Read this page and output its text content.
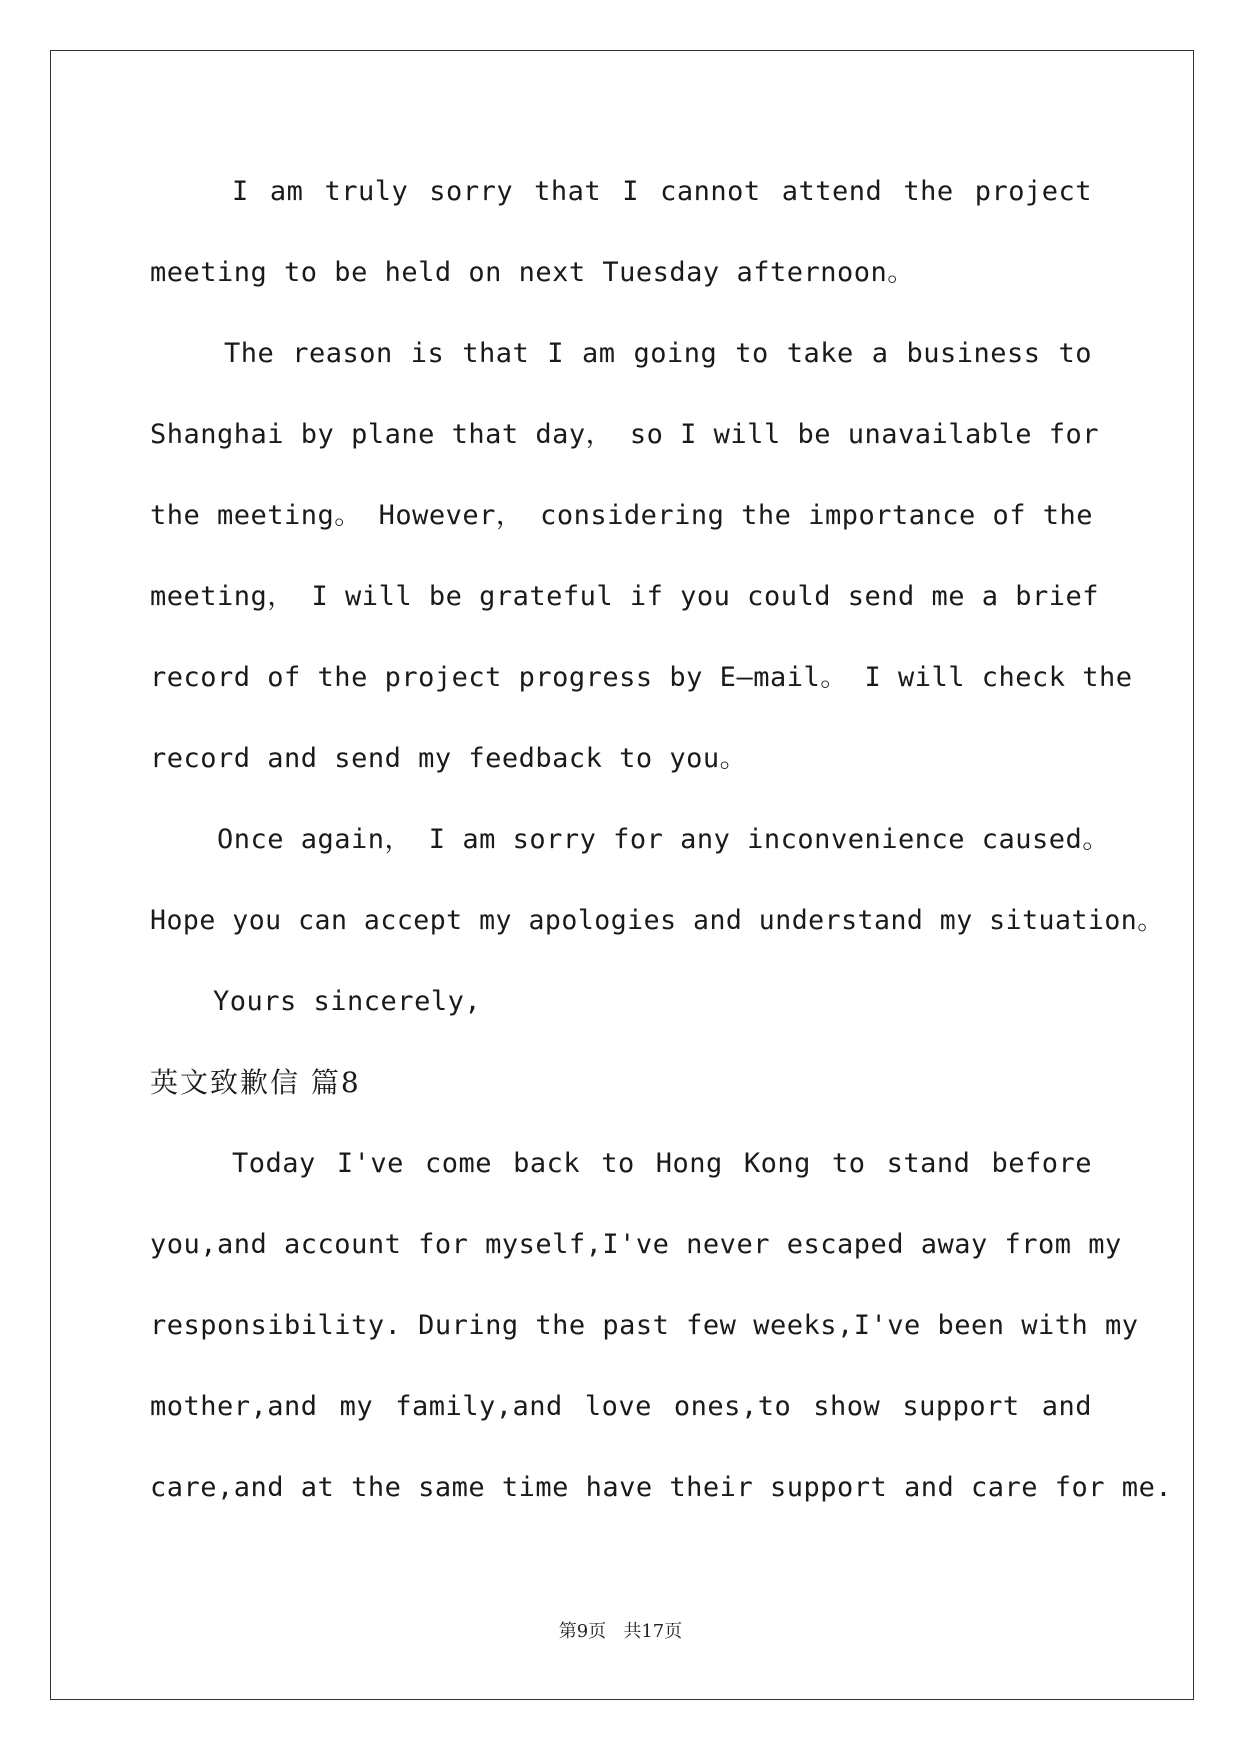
I am truly sorry that I cannot attend the project
meeting to be held on next Tuesday afternoon。
The reason is that I am going to take a business to
Shanghai by plane that day， so I will be unavailable for
the meeting。 However， considering the importance of the
meeting， I will be grateful if you could send me a brief
record of the project progress by E—mail。 I will check the
record and send my feedback to you。
Once again， I am sorry for any inconvenience caused。
Hope you can accept my apologies and understand my situation。
Yours sincerely,
英文致歉信 篇8
Today I've come back to Hong Kong to stand before
you,and account for myself,I've never escaped away from my
responsibility. During the past few weeks,I've been with my
mother,and my family,and love ones,to show support and
care,and at the same time have their support and care for me.
第9页 共17页
